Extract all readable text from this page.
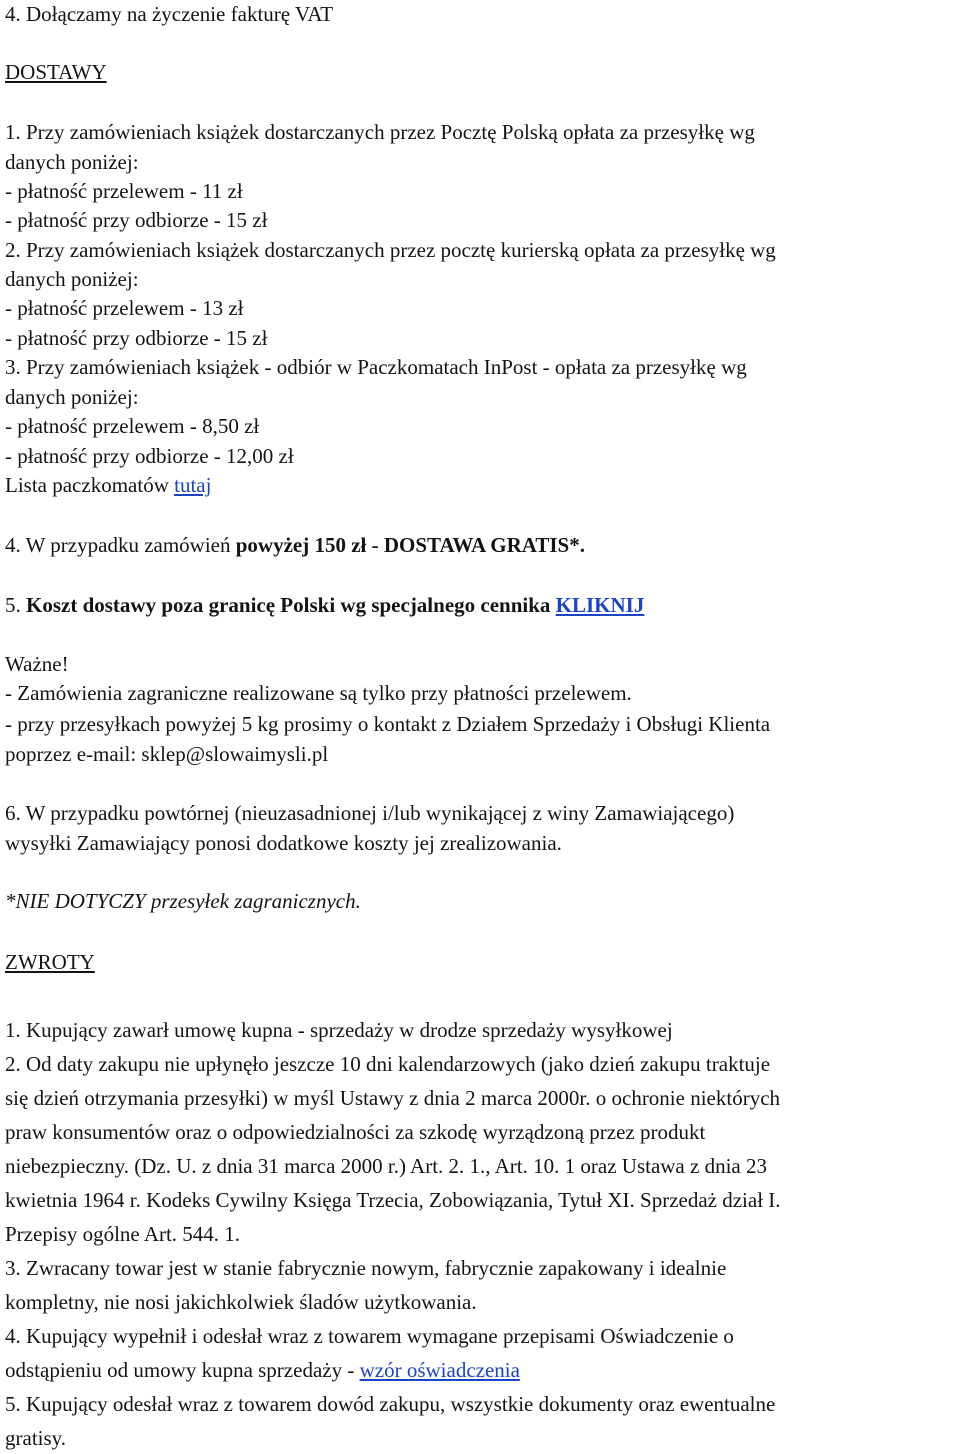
4. Dołączamy na życzenie fakturę VAT
DOSTAWY
1. Przy zamówieniach książek dostarczanych przez Pocztę Polską opłata za przesyłkę wg
danych poniżej:
- płatność przelewem - 11 zł
- płatność przy odbiorze - 15 zł
2. Przy zamówieniach książek dostarczanych przez pocztę kurierską opłata za przesyłkę wg
danych poniżej:
- płatność przelewem - 13 zł
- płatność przy odbiorze - 15 zł
3. Przy zamówieniach książek - odbiór w Paczkomatach InPost - opłata za przesyłkę wg
danych poniżej:
- płatność przelewem - 8,50 zł
- płatność przy odbiorze - 12,00 zł
Lista paczkomatów tutaj
4. W przypadku zamówień powyżej 150 zł - DOSTAWA GRATIS*.
5. Koszt dostawy poza granicę Polski wg specjalnego cennika KLIKNIJ
Ważne!
- Zamówienia zagraniczne realizowane są tylko przy płatności przelewem.
- przy przesyłkach powyżej 5 kg prosimy o kontakt z Działem Sprzedaży i Obsługi Klienta
poprzez e-mail: sklep@slowaimysli.pl
6. W przypadku powtórnej (nieuzasadnionej i/lub wynikającej z winy Zamawiającego)
wysyłki Zamawiający ponosi dodatkowe koszty jej zrealizowania.
*NIE DOTYCZY przesyłek zagranicznych.
ZWROTY
1. Kupujący zawarł umowę kupna - sprzedaży w drodze sprzedaży wysyłkowej
2. Od daty zakupu nie upłynęło jeszcze 10 dni kalendarzowych (jako dzień zakupu traktuje
się dzień otrzymania przesyłki) w myśl Ustawy z dnia 2 marca 2000r. o ochronie niektórych
praw konsumentów oraz o odpowiedzialności za szkodę wyrządzoną przez produkt
niebezpieczny. (Dz. U. z dnia 31 marca 2000 r.) Art. 2. 1., Art. 10. 1 oraz Ustawa z dnia 23
kwietnia 1964 r. Kodeks Cywilny Księga Trzecia, Zobowiązania, Tytuł XI. Sprzedaż dział I.
Przepisy ogólne Art. 544. 1.
3. Zwracany towar jest w stanie fabrycznie nowym, fabrycznie zapakowany i idealnie
kompletny, nie nosi jakichkolwiek śladów użytkowania.
4. Kupujący wypełnił i odesłał wraz z towarem wymagane przepisami Oświadczenie o
odstąpieniu od umowy kupna sprzedaży - wzór oświadczenia
5. Kupujący odesłał wraz z towarem dowód zakupu, wszystkie dokumenty oraz ewentualne
gratisy.
